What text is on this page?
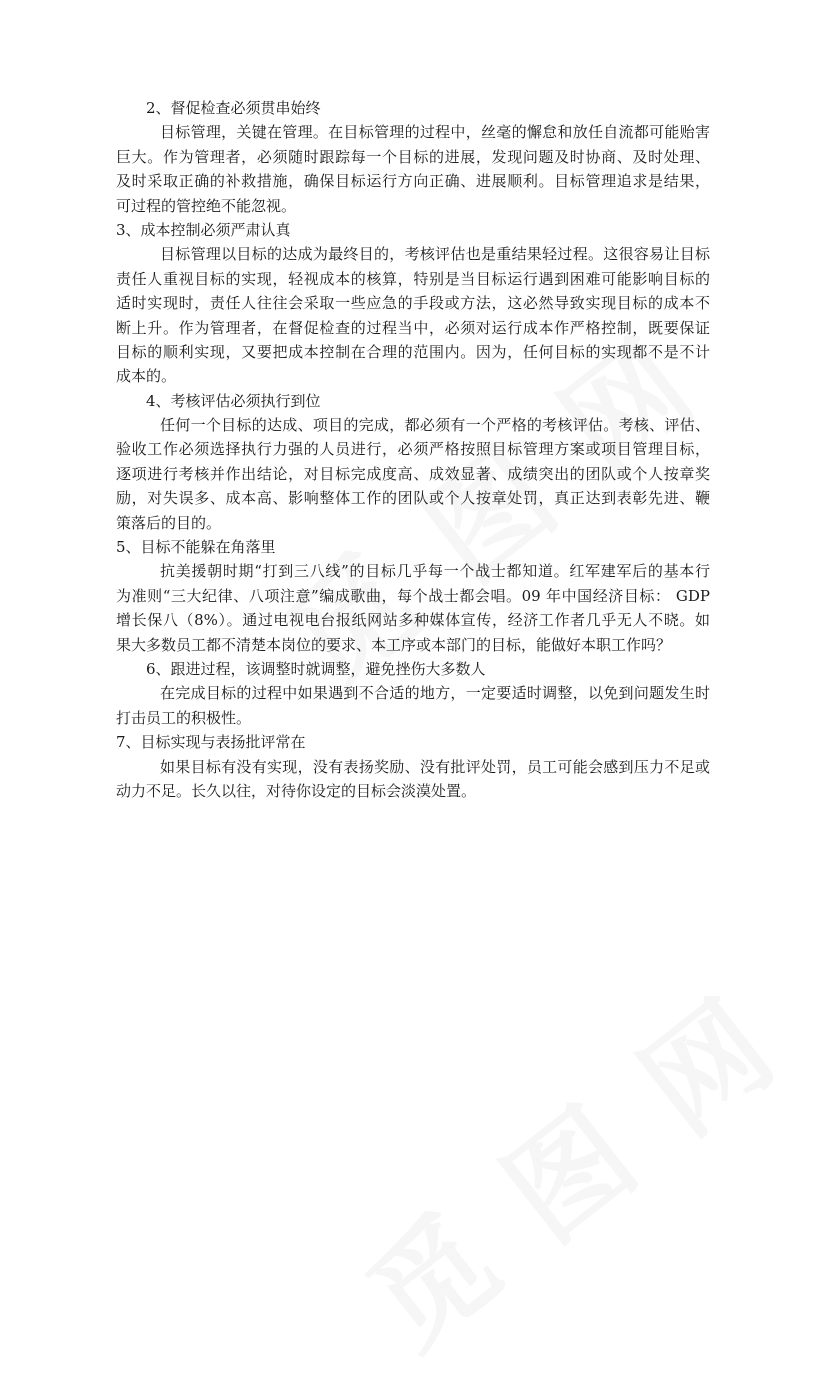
2、督促检查必须贯串始终
目标管理，关键在管理。在目标管理的过程中，丝毫的懈怠和放任自流都可能贻害
巨大。作为管理者，必须随时跟踪每一个目标的进展，发现问题及时协商、及时处理、
及时采取正确的补救措施，确保目标运行方向正确、进展顺利。目标管理追求是结果，
可过程的管控绝不能忽视。
3、成本控制必须严肃认真
目标管理以目标的达成为最终目的，考核评估也是重结果轻过程。这很容易让目标
责任人重视目标的实现，轻视成本的核算，特别是当目标运行遇到困难可能影响目标的
适时实现时，责任人往往会采取一些应急的手段或方法，这必然导致实现目标的成本不
断上升。作为管理者，在督促检查的过程当中，必须对运行成本作严格控制，既要保证
目标的顺利实现，又要把成本控制在合理的范围内。因为，任何目标的实现都不是不计
成本的。
4、考核评估必须执行到位
任何一个目标的达成、项目的完成，都必须有一个严格的考核评估。考核、评估、
验收工作必须选择执行力强的人员进行，必须严格按照目标管理方案或项目管理目标，
逐项进行考核并作出结论，对目标完成度高、成效显著、成绩突出的团队或个人按章奖
励，对失误多、成本高、影响整体工作的团队或个人按章处罚，真正达到表彰先进、鞭
策落后的目的。
5、目标不能躲在角落里
抗美援朝时期“打到三八线”的目标几乎每一个战士都知道。红军建军后的基本行
为准则“三大纪律、八项注意”编成歌曲，每个战士都会唱。09 年中国经济目标： GDP
增长保八（8%）。通过电视电台报纸网站多种媒体宣传，经济工作者几乎无人不晓。如
果大多数员工都不清楚本岗位的要求、本工序或本部门的目标，能做好本职工作吗？
6、跟进过程，该调整时就调整，避免挫伤大多数人
在完成目标的过程中如果遇到不合适的地方，一定要适时调整，以免到问题发生时
打击员工的积极性。
7、目标实现与表扬批评常在
如果目标有没有实现，没有表扬奖励、没有批评处罚，员工可能会感到压力不足或
动力不足。长久以往，对待你设定的目标会淡漠处置。
